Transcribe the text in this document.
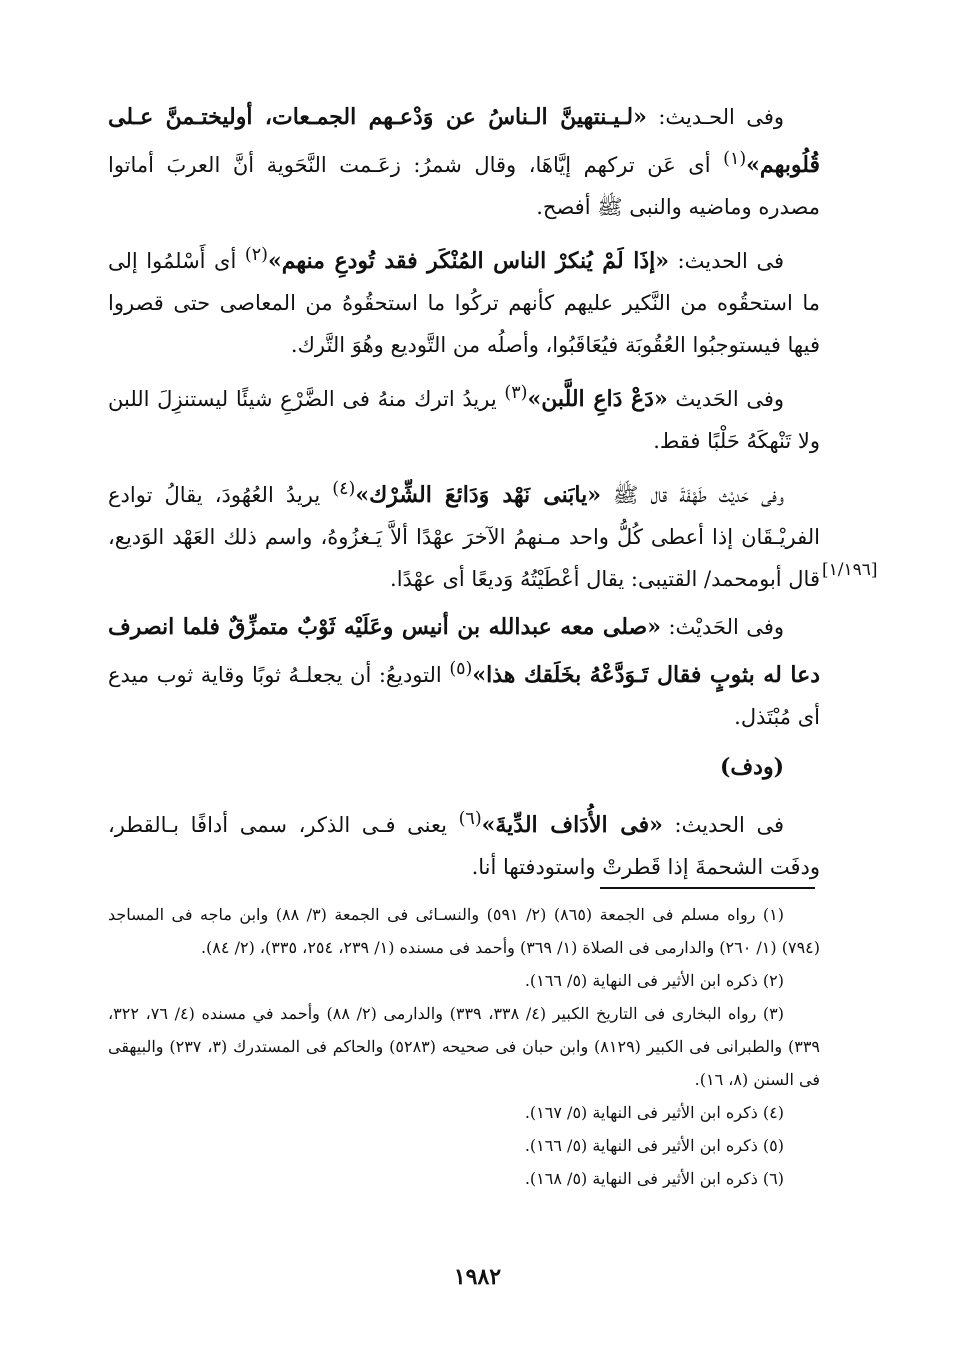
وفى الحـديث: «لـيـنتهينَّ الـناسُ عن وَدْعـهم الجمـعات، أوليختـمنَّ عـلى قُلُوبهم»$^{(١)}$ أى عَن تركهم إيَّاهَا، وقال شمرُ: زعَـمت النَّحَوية أنَّ العربَ أماتوا مصدره وماضيه والنبى ﷺ أفصح.

فى الحديث: «إذَا لَمْ يُنكرْ الناس المُنْكَر فقد تُودعِ منهم»$^{(٢)}$ أى أَسْلمُوا إلى ما استحقُوه من النَّكير عليهم كأنهم تركُوا ما استحقُوهُ من المعاصى حتى قصروا فيها فيستوجبُوا العُقُوبَة فيُعَاقَبُوا، وأصلُه من التَّوديع وهُوَ التَّرك.

وفى الحَديث «دَعْ دَاعِ اللَّبن»$^{(٣)}$ يريدُ اترك منهُ فى الضَّرْعِ شيئًا ليستنزِلَ اللبن ولا تَنْهكَهُ حَلْبًا فقط.

وفى حَديْث طَهْفَةَ قال ﷺ «يابَنى نَهْد وَدَائعَ الشِّرْك»$^{(٤)}$ يريدُ العُهُودَ، يقالُ توادع الفريْـقَان إذا أعطى كُلُّ واحد مـنهمُ الآخرَ عهْدًا ألاَّ يَـغزُوهُ، واسم ذلك العَهْد الوَديع، قال أبومحمد/ القتيبى: يقال أعْطَيْتُهُ وَديعًا أى عهْدًا.

وفى الحَديْث: «صلى معه عبدالله بن أنيس وعَلَيْه ثَوْبٌ متمزِّقٌ فلما انصرف دعا له بثوبٍ فقال تَـوَدَّعْهُ بخَلَقك هذا»$^{(٥)}$ التوديعُ: أن يجعلـهُ ثوبًا وقاية ثوب ميدع أى مُبْتَذل.

(ودف)

فى الحديث: «فى الأُدَاف الدِّيةَ»$^{(٦)}$ يعنى فـى الذكر، سمى أدافًا بـالقطر، ودفَت الشحمةَ إذا قَطرتْ واستودفتها أنا.

[١/١٩٦]

(١) رواه مسلم فى الجمعة (٨٦٥) (٢/ ٥٩١) والنسـائى فى الجمعة (٣/ ٨٨) وابن ماجه فى المساجد (٧٩٤) (١/ ٢٦٠) والدارمى فى الصلاة (١/ ٣٦٩) وأحمد فى مسنده (١/ ٢٣٩، ٢٥٤، ٣٣٥)، (٢/ ٨٤).

(٢) ذكره ابن الأثير فى النهاية (٥/ ١٦٦).

(٣) رواه البخارى فى التاريخ الكبير (٤/ ٣٣٨، ٣٣٩) والدارمى (٢/ ٨٨) وأحمد في مسنده (٤/ ٧٦، ٣٢٢، ٣٣٩) والطبرانى فى الكبير (٨١٢٩) وابن حبان فى صحيحه (٥٢٨٣) والحاكم فى المستدرك (٣، ٢٣٧) والبيهقى فى السنن (٨، ١٦).

(٤) ذكره ابن الأثير فى النهاية (٥/ ١٦٧).

(٥) ذكره ابن الأثير فى النهاية (٥/ ١٦٦).

(٦) ذكره ابن الأثير فى النهاية (٥/ ١٦٨).

١٩٨٢
